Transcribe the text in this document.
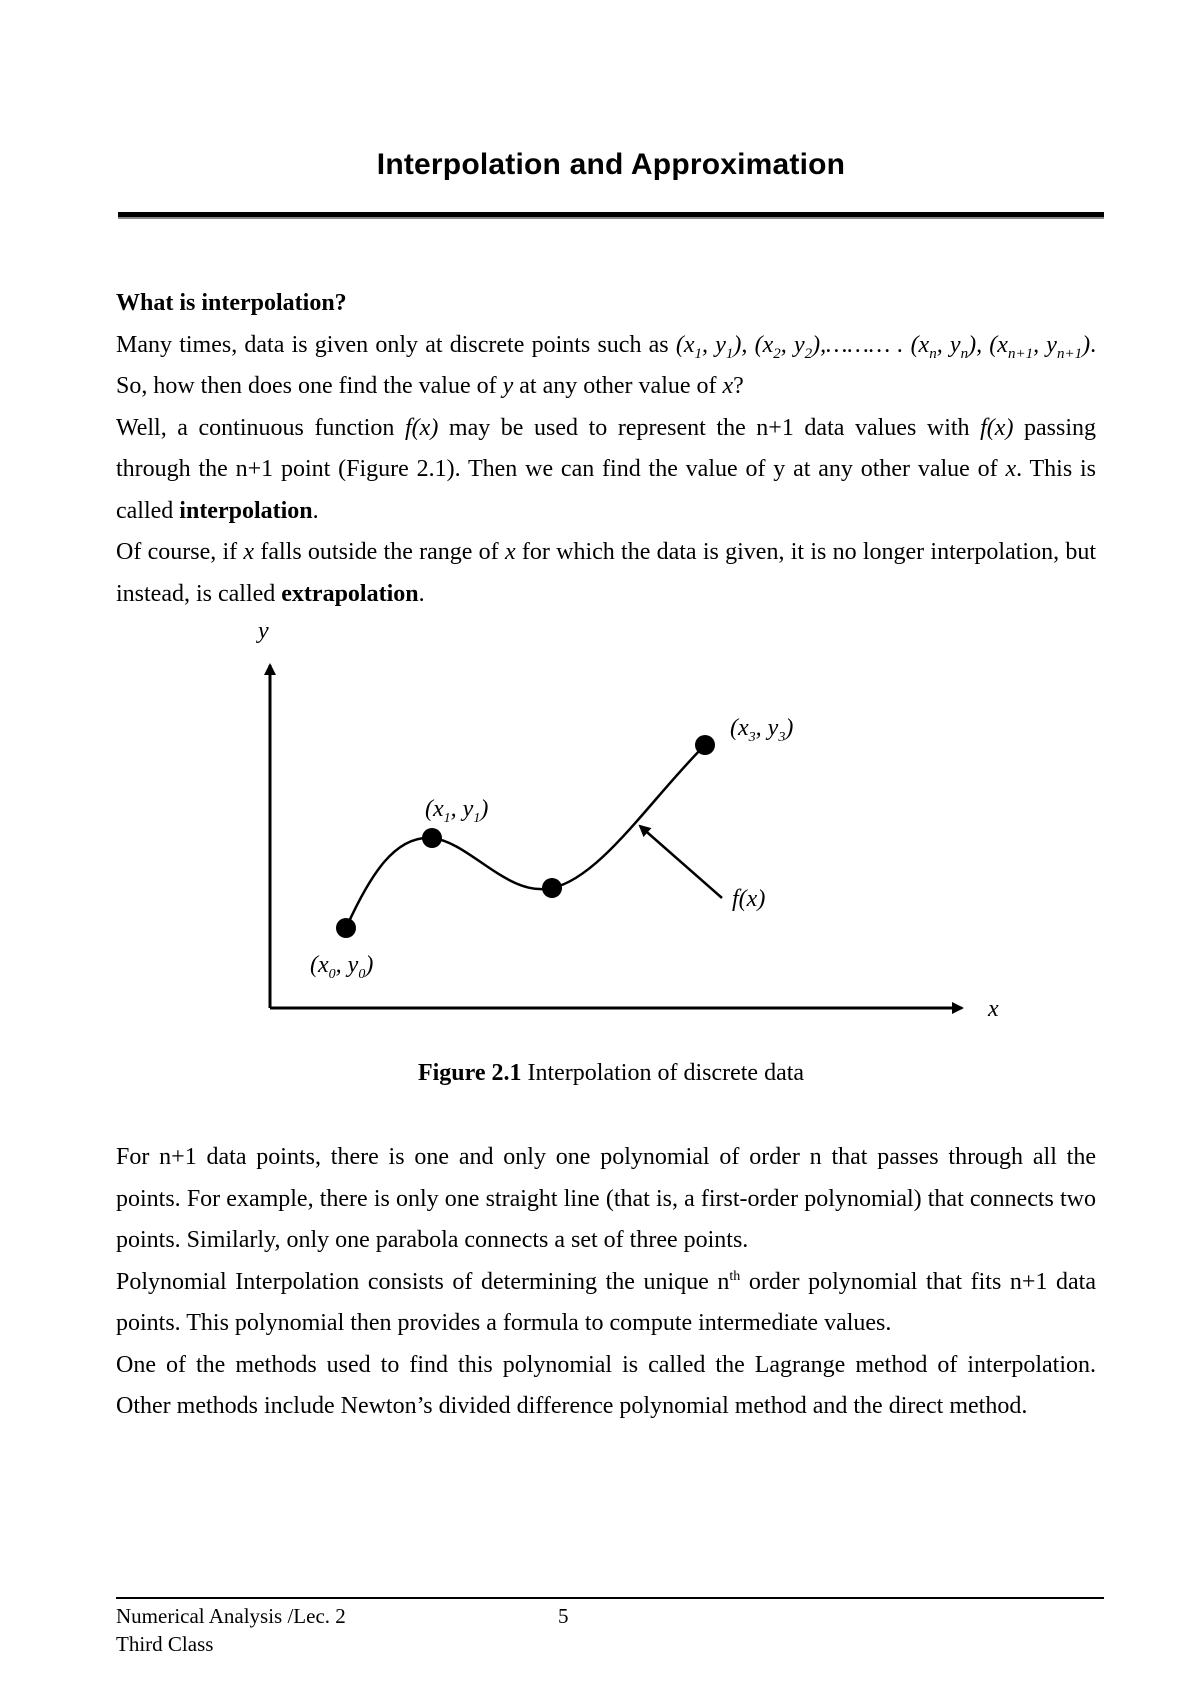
Interpolation and Approximation

What is interpolation?

Many times, data is given only at discrete points such as ($x_1$, $y_1$), ($x_2$, $y_2),\dots\dots\dots$ . ($x_n$, $y_n$), ($x_{n+1}$, $y_{n+1}$). So, how then does one find the value of y at any other value of x?

Well, a continuous function f(x) may be used to represent the n+1 data values with f(x) passing through the n+1 point (Figure 2.1). Then we can find the value of y at any other value of x. This is called interpolation.

Of course, if x falls outside the range of x for which the data is given, it is no longer interpolation, but instead, is called extrapolation.

y
x
($x_0$, $y_0$)
($x_1$, $y_1$)
($x_3$, $y_3$)
f(x)
Figure 2.1 Interpolation of discrete data

For n+1 data points, there is one and only one polynomial of order n that passes through all the points. For example, there is only one straight line (that is, a first-order polynomial) that connects two points. Similarly, only one parabola connects a set of three points.

Polynomial Interpolation consists of determining the unique $n^{th}$ order polynomial that fits n+1 data points. This polynomial then provides a formula to compute intermediate values.

One of the methods used to find this polynomial is called the Lagrange method of interpolation. Other methods include Newton’s divided difference polynomial method and the direct method.

Numerical Analysis /Lec. 2
Third Class
5
